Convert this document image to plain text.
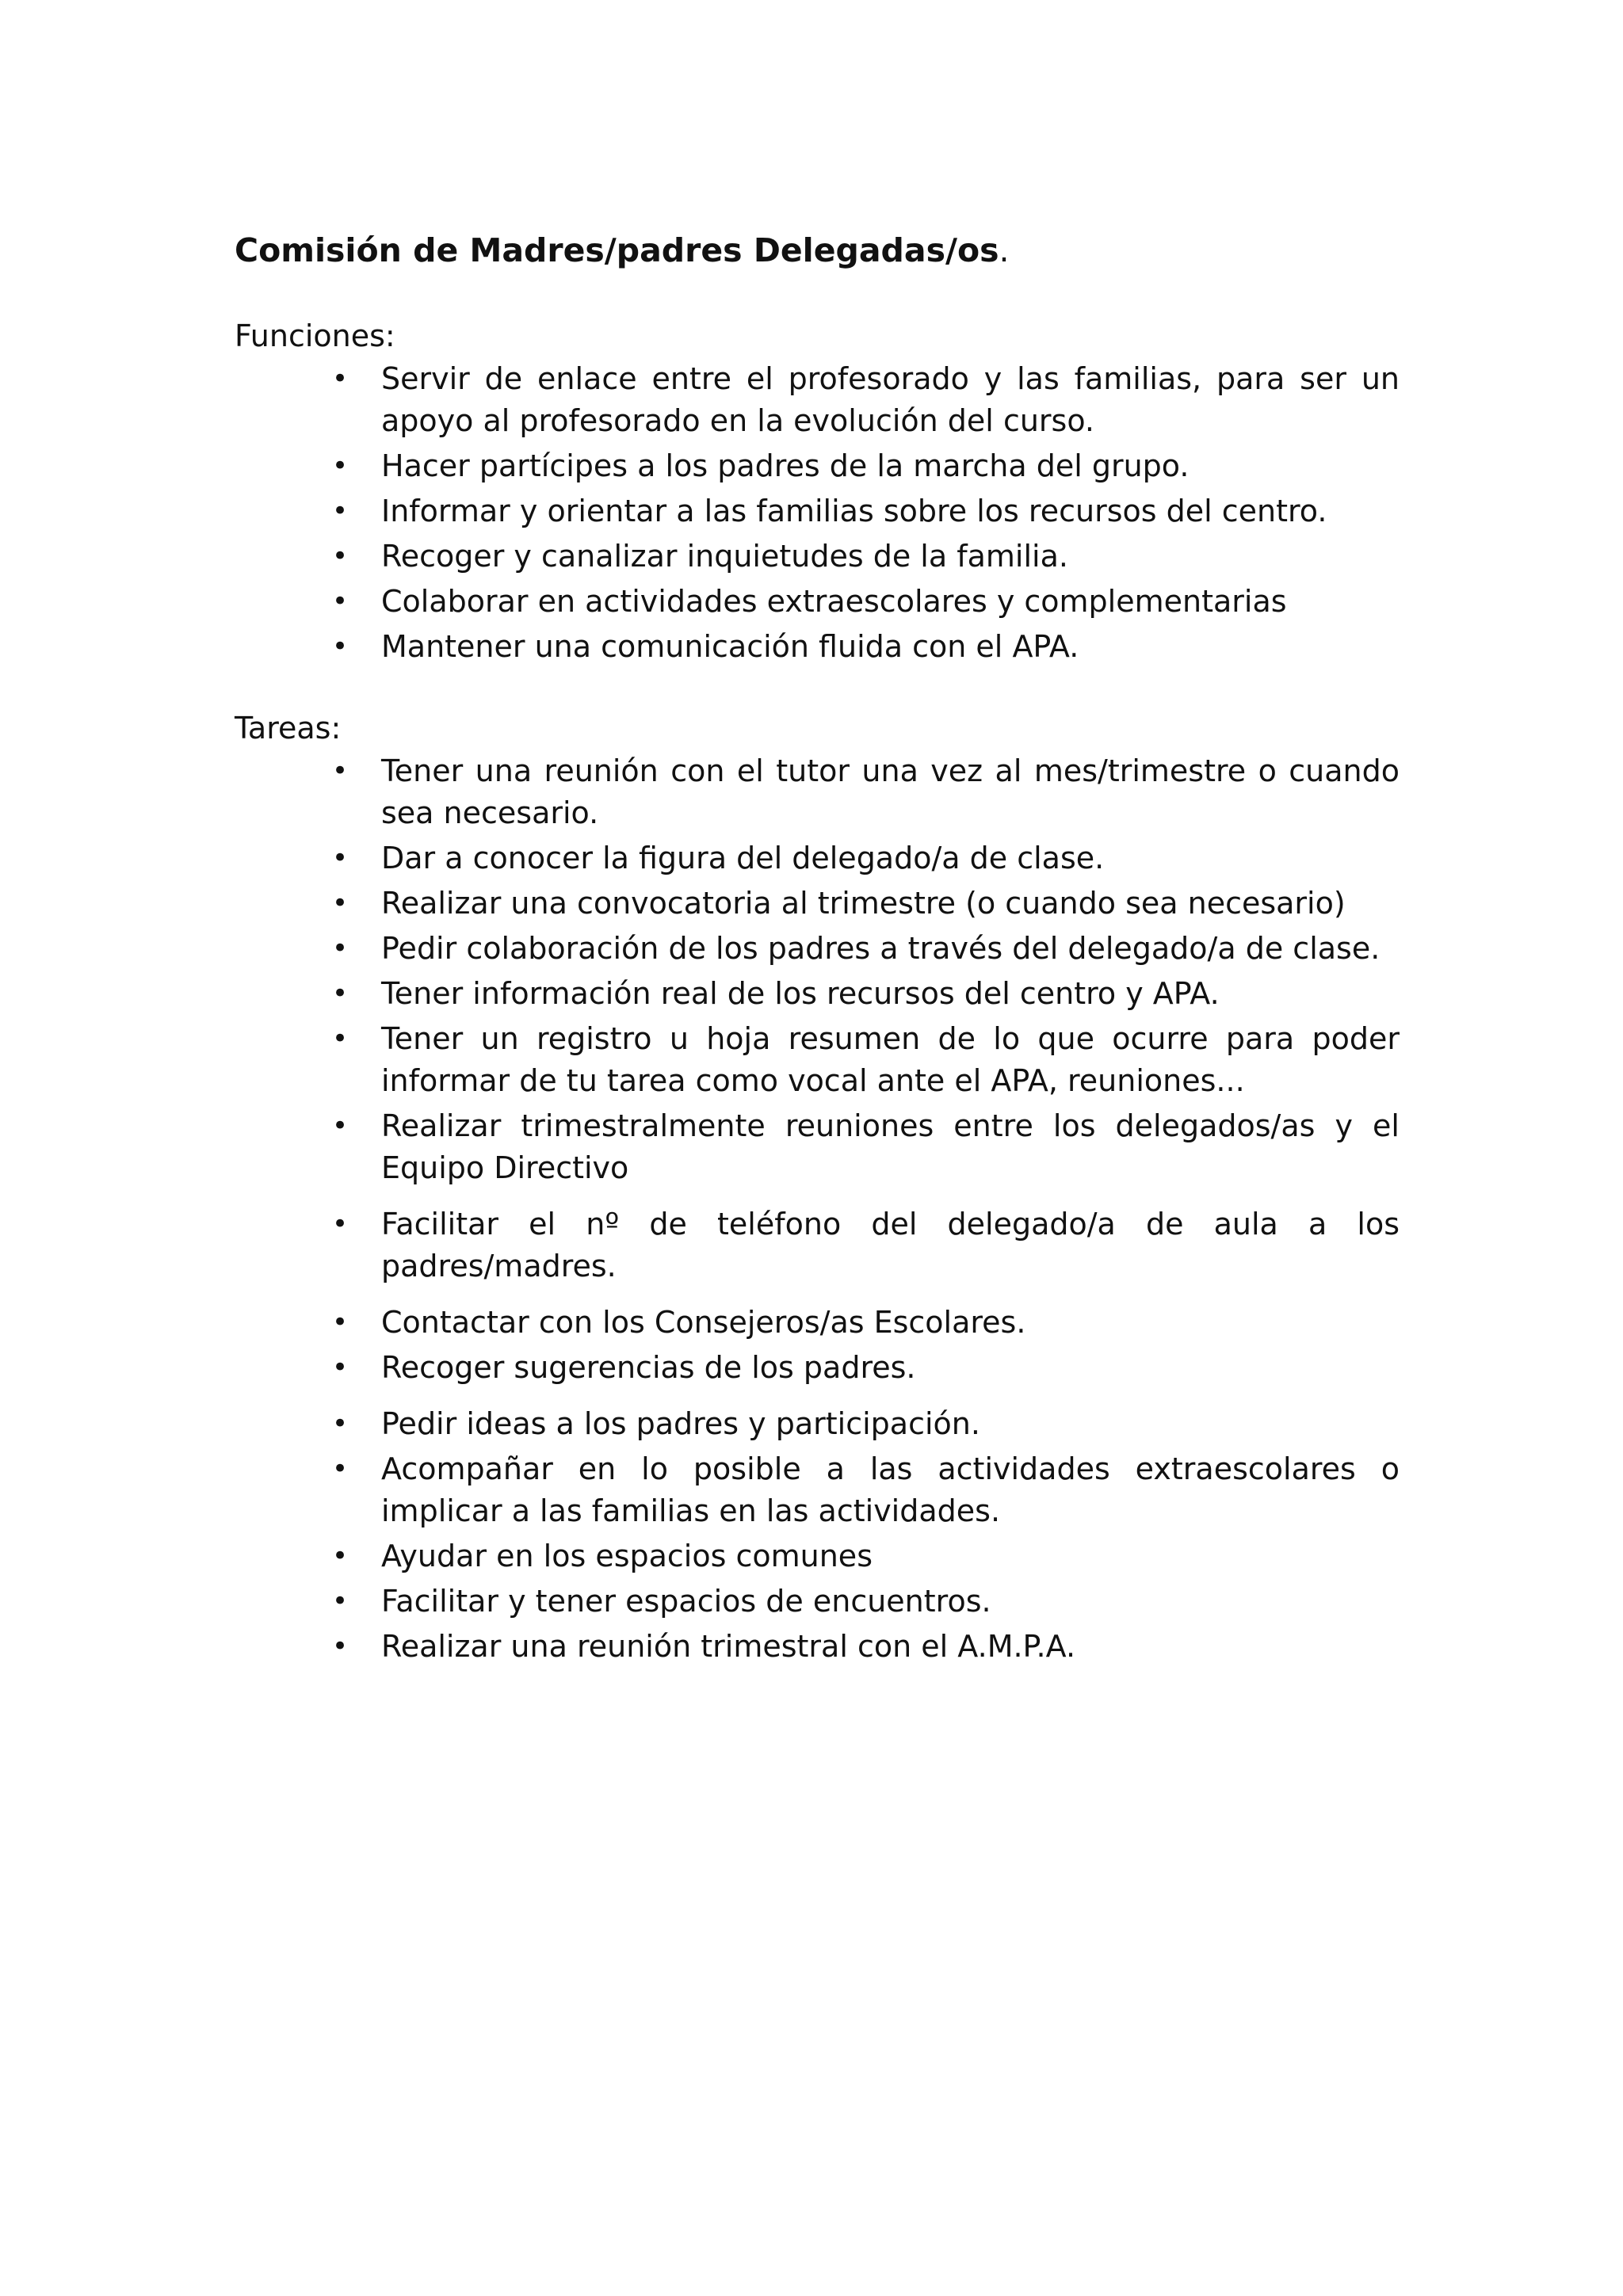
Comisión de Madres/padres Delegadas/os.

Funciones:

• Servir de enlace entre el profesorado y las familias, para ser un apoyo al profesorado en la evolución del curso.
• Hacer partícipes a los padres de la marcha del grupo.
• Informar y orientar a las familias sobre los recursos del centro.
• Recoger y canalizar inquietudes de la familia.
• Colaborar en actividades extraescolares y complementarias
• Mantener una comunicación fluida con el APA.

Tareas:

• Tener una reunión con el tutor una vez al mes/trimestre o cuando sea necesario.
• Dar a conocer la figura del delegado/a de clase.
• Realizar una convocatoria al trimestre (o cuando sea necesario)
• Pedir colaboración de los padres a través del delegado/a de clase.
• Tener información real de los recursos del centro y APA.
• Tener un registro u hoja resumen de lo que ocurre para poder informar de tu tarea como vocal ante el APA, reuniones...
• Realizar trimestralmente reuniones entre los delegados/as y el Equipo Directivo
• Facilitar el nº de teléfono del delegado/a de aula a los padres/madres.
• Contactar con los Consejeros/as Escolares.
• Recoger sugerencias de los padres.
• Pedir ideas a los padres y participación.
• Acompañar en lo posible a las actividades extraescolares o implicar a las familias en las actividades.
• Ayudar en los espacios comunes
• Facilitar y tener espacios de encuentros.
• Realizar una reunión trimestral con el A.M.P.A.
